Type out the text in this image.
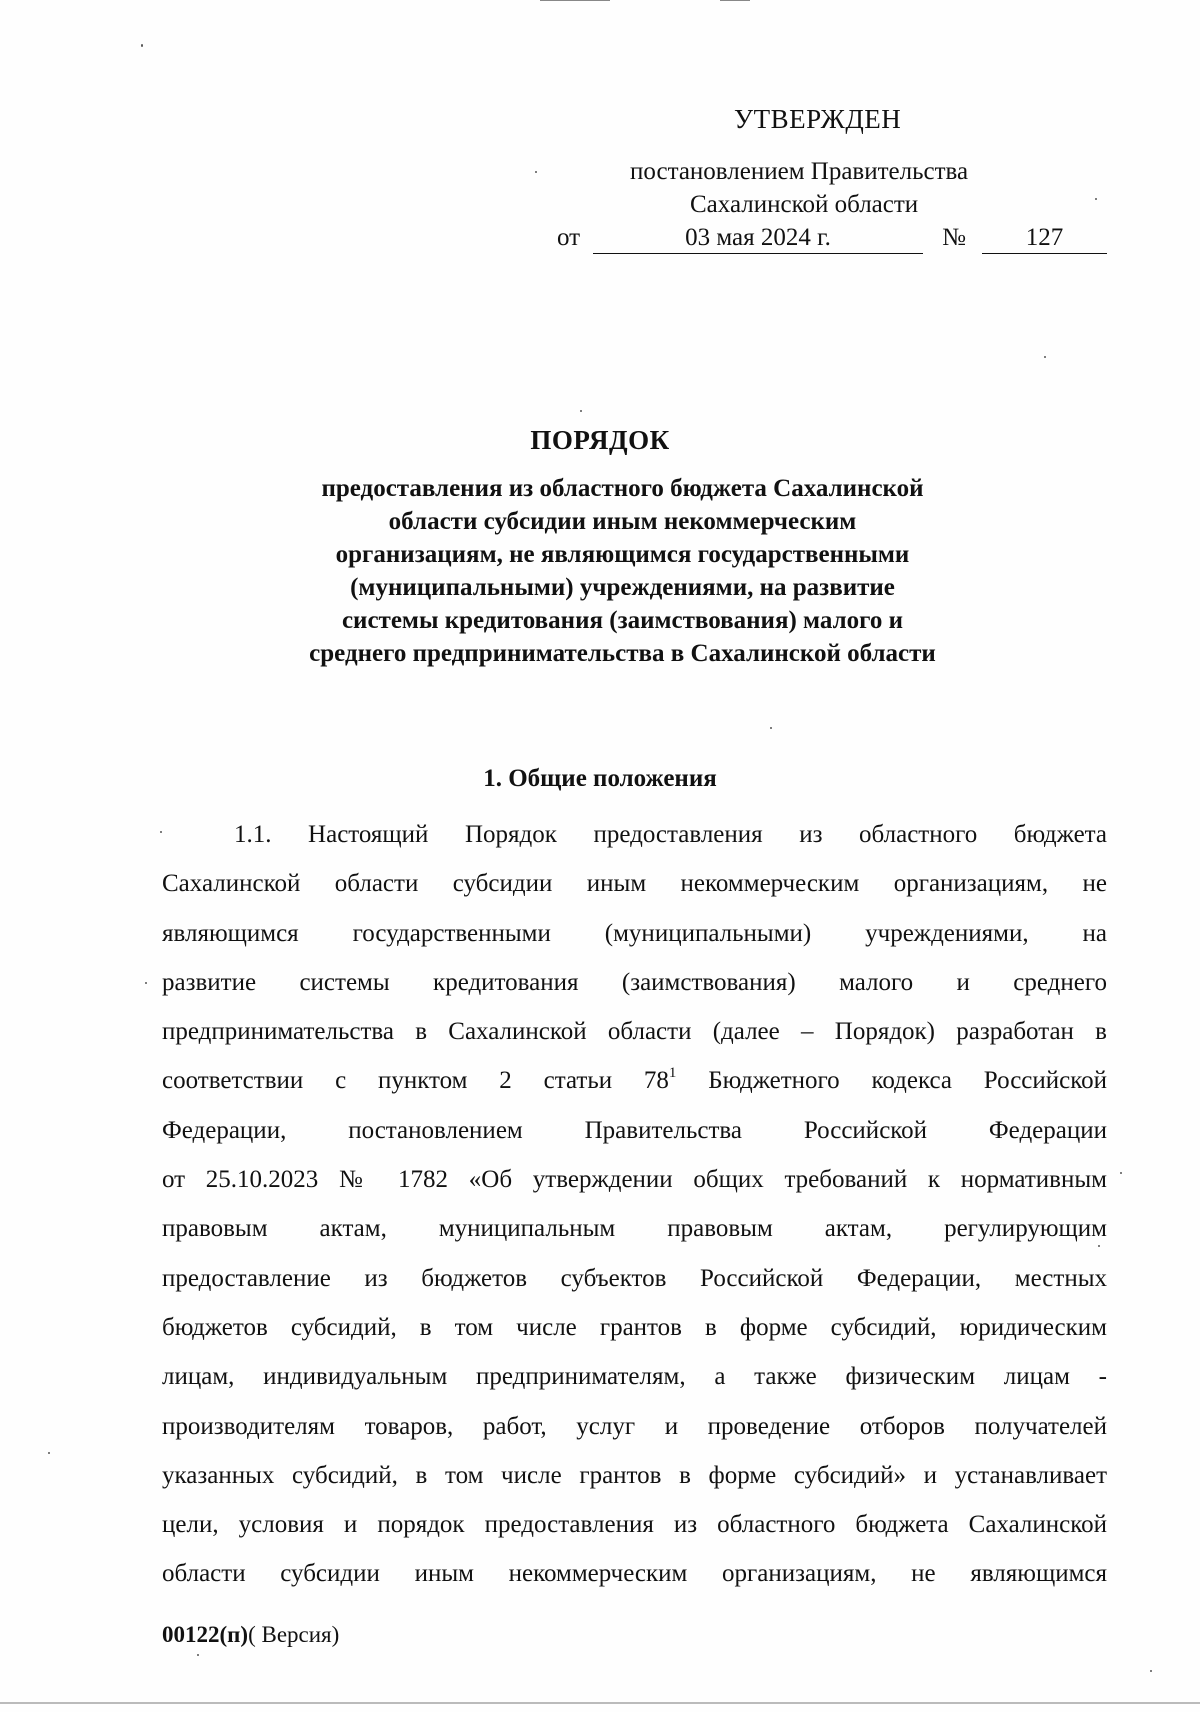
УТВЕРЖДЕН
постановлением Правительства
Сахалинской области
от	03 мая 2024 г.	№	127
ПОРЯДОК
предоставления из областного бюджета Сахалинской
области субсидии иным некоммерческим
организациям, не являющимся государственными
(муниципальными) учреждениями, на развитие
системы кредитования (заимствования) малого и
среднего предпринимательства в Сахалинской области
1. Общие положения
1.1. Настоящий Порядок предоставления из областного бюджета
Сахалинской области субсидии иным некоммерческим организациям, не
являющимся государственными (муниципальными) учреждениями, на
развитие системы кредитования (заимствования) малого и среднего
предпринимательства в Сахалинской области (далее – Порядок) разработан в
соответствии с пунктом 2 статьи $78^1$ Бюджетного кодекса Российской
Федерации, постановлением Правительства Российской Федерации
от 25.10.2023 № 1782 «Об утверждении общих требований к нормативным
правовым актам, муниципальным правовым актам, регулирующим
предоставление из бюджетов субъектов Российской Федерации, местных
бюджетов субсидий, в том числе грантов в форме субсидий, юридическим
лицам, индивидуальным предпринимателям, а также физическим лицам -
производителям товаров, работ, услуг и проведение отборов получателей
указанных субсидий, в том числе грантов в форме субсидий» и устанавливает
цели, условия и порядок предоставления из областного бюджета Сахалинской
области субсидии иным некоммерческим организациям, не являющимся
00122(п)( Версия)
